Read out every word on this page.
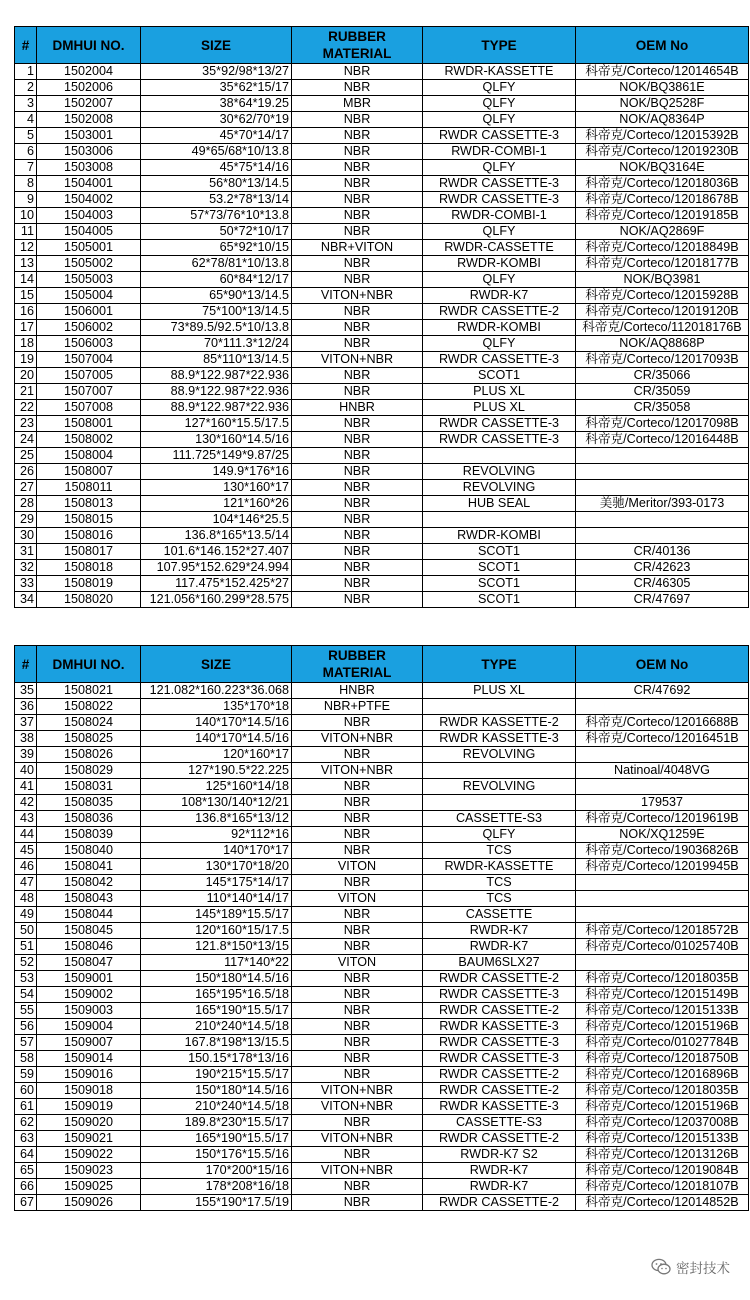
#	DMHUI NO.	SIZE	RUBBER MATERIAL	TYPE	OEM No
1	1502004	35*92/98*13/27	NBR	RWDR-KASSETTE	科帝克/Corteco/12014654B
2	1502006	35*62*15/17	NBR	QLFY	NOK/BQ3861E
3	1502007	38*64*19.25	MBR	QLFY	NOK/BQ2528F
4	1502008	30*62/70*19	NBR	QLFY	NOK/AQ8364P
5	1503001	45*70*14/17	NBR	RWDR CASSETTE-3	科帝克/Corteco/12015392B
6	1503006	49*65/68*10/13.8	NBR	RWDR-COMBI-1	科帝克/Corteco/12019230B
7	1503008	45*75*14/16	NBR	QLFY	NOK/BQ3164E
8	1504001	56*80*13/14.5	NBR	RWDR CASSETTE-3	科帝克/Corteco/12018036B
9	1504002	53.2*78*13/14	NBR	RWDR CASSETTE-3	科帝克/Corteco/12018678B
10	1504003	57*73/76*10*13.8	NBR	RWDR-COMBI-1	科帝克/Corteco/12019185B
11	1504005	50*72*10/17	NBR	QLFY	NOK/AQ2869F
12	1505001	65*92*10/15	NBR+VITON	RWDR-CASSETTE	科帝克/Corteco/12018849B
13	1505002	62*78/81*10/13.8	NBR	RWDR-KOMBI	科帝克/Corteco/12018177B
14	1505003	60*84*12/17	NBR	QLFY	NOK/BQ3981
15	1505004	65*90*13/14.5	VITON+NBR	RWDR-K7	科帝克/Corteco/12015928B
16	1506001	75*100*13/14.5	NBR	RWDR CASSETTE-2	科帝克/Corteco/12019120B
17	1506002	73*89.5/92.5*10/13.8	NBR	RWDR-KOMBI	科帝克/Corteco/112018176B
18	1506003	70*111.3*12/24	NBR	QLFY	NOK/AQ8868P
19	1507004	85*110*13/14.5	VITON+NBR	RWDR CASSETTE-3	科帝克/Corteco/12017093B
20	1507005	88.9*122.987*22.936	NBR	SCOT1	CR/35066
21	1507007	88.9*122.987*22.936	NBR	PLUS XL	CR/35059
22	1507008	88.9*122.987*22.936	HNBR	PLUS XL	CR/35058
23	1508001	127*160*15.5/17.5	NBR	RWDR CASSETTE-3	科帝克/Corteco/12017098B
24	1508002	130*160*14.5/16	NBR	RWDR CASSETTE-3	科帝克/Corteco/12016448B
25	1508004	111.725*149*9.87/25	NBR		
26	1508007	149.9*176*16	NBR	REVOLVING	
27	1508011	130*160*17	NBR	REVOLVING	
28	1508013	121*160*26	NBR	HUB SEAL	美驰/Meritor/393-0173
29	1508015	104*146*25.5	NBR		
30	1508016	136.8*165*13.5/14	NBR	RWDR-KOMBI	
31	1508017	101.6*146.152*27.407	NBR	SCOT1	CR/40136
32	1508018	107.95*152.629*24.994	NBR	SCOT1	CR/42623
33	1508019	117.475*152.425*27	NBR	SCOT1	CR/46305
34	1508020	121.056*160.299*28.575	NBR	SCOT1	CR/47697
#	DMHUI NO.	SIZE	RUBBER MATERIAL	TYPE	OEM No
35	1508021	121.082*160.223*36.068	HNBR	PLUS XL	CR/47692
36	1508022	135*170*18	NBR+PTFE		
37	1508024	140*170*14.5/16	NBR	RWDR KASSETTE-2	科帝克/Corteco/12016688B
38	1508025	140*170*14.5/16	VITON+NBR	RWDR KASSETTE-3	科帝克/Corteco/12016451B
39	1508026	120*160*17	NBR	REVOLVING	
40	1508029	127*190.5*22.225	VITON+NBR		Natinoal/4048VG
41	1508031	125*160*14/18	NBR	REVOLVING	
42	1508035	108*130/140*12/21	NBR		179537
43	1508036	136.8*165*13/12	NBR	CASSETTE-S3	科帝克/Corteco/12019619B
44	1508039	92*112*16	NBR	QLFY	NOK/XQ1259E
45	1508040	140*170*17	NBR	TCS	科帝克/Corteco/19036826B
46	1508041	130*170*18/20	VITON	RWDR-KASSETTE	科帝克/Corteco/12019945B
47	1508042	145*175*14/17	NBR	TCS	
48	1508043	110*140*14/17	VITON	TCS	
49	1508044	145*189*15.5/17	NBR	CASSETTE	
50	1508045	120*160*15/17.5	NBR	RWDR-K7	科帝克/Corteco/12018572B
51	1508046	121.8*150*13/15	NBR	RWDR-K7	科帝克/Corteco/01025740B
52	1508047	117*140*22	VITON	BAUM6SLX27	
53	1509001	150*180*14.5/16	NBR	RWDR CASSETTE-2	科帝克/Corteco/12018035B
54	1509002	165*195*16.5/18	NBR	RWDR CASSETTE-3	科帝克/Corteco/12015149B
55	1509003	165*190*15.5/17	NBR	RWDR CASSETTE-2	科帝克/Corteco/12015133B
56	1509004	210*240*14.5/18	NBR	RWDR KASSETTE-3	科帝克/Corteco/12015196B
57	1509007	167.8*198*13/15.5	NBR	RWDR CASSETTE-3	科帝克/Corteco/01027784B
58	1509014	150.15*178*13/16	NBR	RWDR CASSETTE-3	科帝克/Corteco/12018750B
59	1509016	190*215*15.5/17	NBR	RWDR CASSETTE-2	科帝克/Corteco/12016896B
60	1509018	150*180*14.5/16	VITON+NBR	RWDR CASSETTE-2	科帝克/Corteco/12018035B
61	1509019	210*240*14.5/18	VITON+NBR	RWDR KASSETTE-3	科帝克/Corteco/12015196B
62	1509020	189.8*230*15.5/17	NBR	CASSETTE-S3	科帝克/Corteco/12037008B
63	1509021	165*190*15.5/17	VITON+NBR	RWDR CASSETTE-2	科帝克/Corteco/12015133B
64	1509022	150*176*15.5/16	NBR	RWDR-K7 S2	科帝克/Corteco/12013126B
65	1509023	170*200*15/16	VITON+NBR	RWDR-K7	科帝克/Corteco/12019084B
66	1509025	178*208*16/18	NBR	RWDR-K7	科帝克/Corteco/12018107B
67	1509026	155*190*17.5/19	NBR	RWDR CASSETTE-2	科帝克/Corteco/12014852B
密封技术
